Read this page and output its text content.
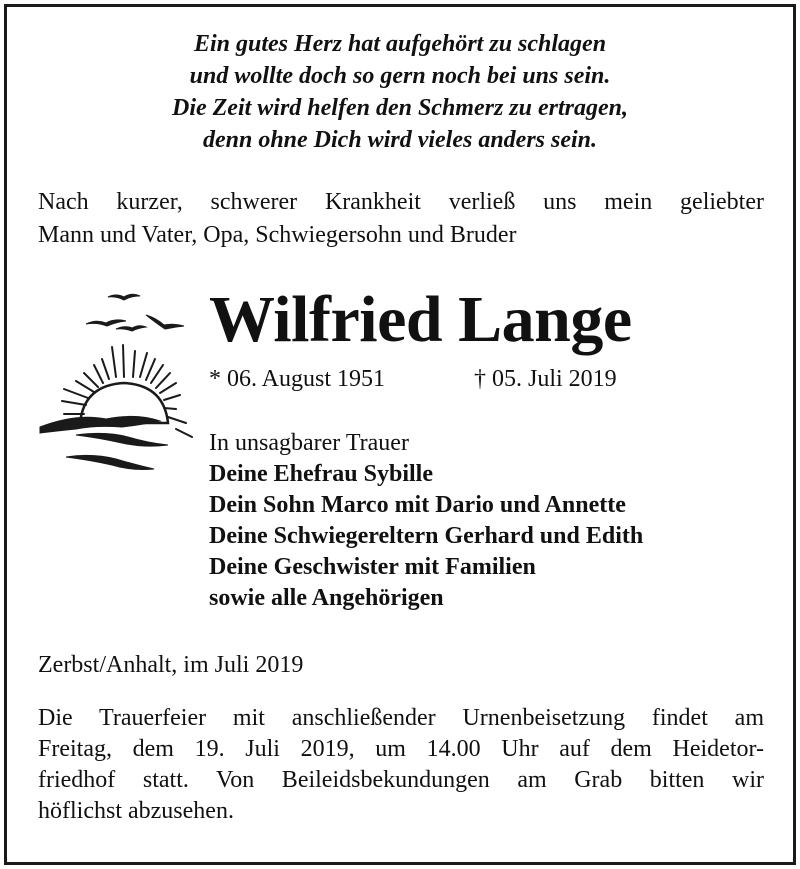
Ein gutes Herz hat aufgehört zu schlagen
und wollte doch so gern noch bei uns sein.
Die Zeit wird helfen den Schmerz zu ertragen,
denn ohne Dich wird vieles anders sein.
Nach kurzer, schwerer Krankheit verließ uns mein geliebter
Mann und Vater, Opa, Schwiegersohn und Bruder
Wilfried Lange
* 06. August 1951	† 05. Juli 2019
In unsagbarer Trauer
Deine Ehefrau Sybille
Dein Sohn Marco mit Dario und Annette
Deine Schwiegereltern Gerhard und Edith
Deine Geschwister mit Familien
sowie alle Angehörigen
Zerbst/Anhalt, im Juli 2019
Die Trauerfeier mit anschließender Urnenbeisetzung findet am
Freitag, dem 19. Juli 2019, um 14.00 Uhr auf dem Heidetor-
friedhof statt. Von Beileidsbekundungen am Grab bitten wir
höflichst abzusehen.
